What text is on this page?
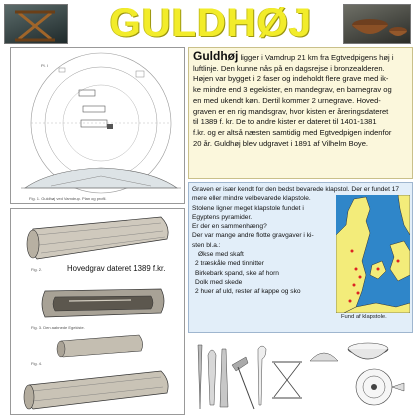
GULDHØJ
Pl. I
Fig. 1. Guldhøj ved Vamdrup. Plan og profil.
Fig. 2.
Fig. 3. Den aabnede Egekiste.
Fig. 4.
Hovedgrav dateret 1389 f.kr.

Guldhøj ligger i Vamdrup 21 km fra Egtvedpigens høj i

luftlinje. Den kunne nås på en dagsrejse i bronzealderen.

Højen var bygget i 2 faser og indeholdt flere grave med ik-

ke mindre end 3 egekister, en mandegrav, en barnegrav og

en med ukendt køn. Dertil kommer 2 urnegrave. Hoved-

graven er en rig mandsgrav, hvor kisten er åreringsdateret

til 1389 f. kr. De to andre kister er dateret til 1401-1381

f.kr. og er altså næsten samtidig med Egtvedpigen indenfor

20 år. Guldhøj blev udgravet i 1891 af Vilhelm Boye.

Graven er især kendt for den bedst bevarede klapstol. Der er fundet 17
mere eller mindre velbevarede klapstole.
Stolene ligner meget klapstole fundet i
Egyptens pyramider.
Er der en sammenhæng?
Der var mange andre flotte gravgaver i ki-
sten bl.a.:
Økse med skaft
2 træskåle med tinnitter
Birkebark spand, ske af horn
Dolk med skede
2 huer af uld, rester af kappe og sko
Fund af klapstole.
